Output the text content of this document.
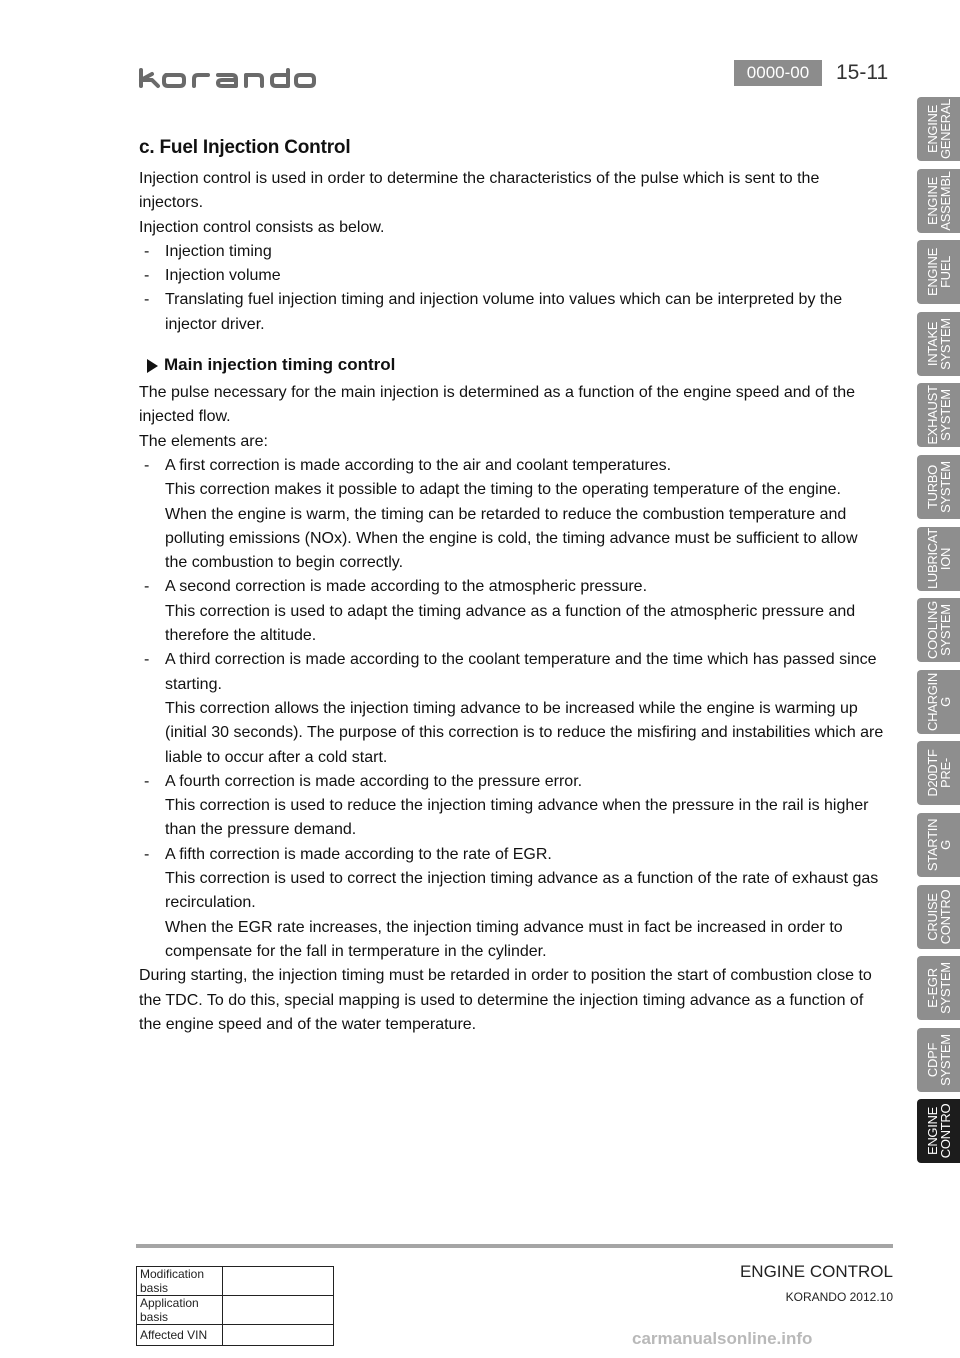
0000-00	15-11
ENGINE
GENERAL
ENGINE
ASSEMBL
ENGINE
FUEL
INTAKE
SYSTEM
EXHAUST
SYSTEM
TURBO
SYSTEM
LUBRICAT
ION
COOLING
SYSTEM
CHARGIN
G
D20DTF
PRE-
STARTIN
G
CRUISE
CONTRO
E-EGR
SYSTEM
CDPF
SYSTEM
ENGINE
CONTRO
c. Fuel Injection Control
Injection control is used in order to determine the characteristics of the pulse which is sent to the
injectors.
Injection control consists as below.
- Injection timing
- Injection volume
- Translating fuel injection timing and injection volume into values which can be interpreted by the
injector driver.
Main injection timing control
The pulse necessary for the main injection is determined as a function of the engine speed and of the
injected flow.
The elements are:
- A first correction is made according to the air and coolant temperatures.
This correction makes it possible to adapt the timing to the operating temperature of the engine.
When the engine is warm, the timing can be retarded to reduce the combustion temperature and
polluting emissions (NOx). When the engine is cold, the timing advance must be sufficient to allow
the combustion to begin correctly.
- A second correction is made according to the atmospheric pressure.
This correction is used to adapt the timing advance as a function of the atmospheric pressure and
therefore the altitude.
- A third correction is made according to the coolant temperature and the time which has passed since
starting.
This correction allows the injection timing advance to be increased while the engine is warming up
(initial 30 seconds). The purpose of this correction is to reduce the misfiring and instabilities which are
liable to occur after a cold start.
- A fourth correction is made according to the pressure error.
This correction is used to reduce the injection timing advance when the pressure in the rail is higher
than the pressure demand.
- A fifth correction is made according to the rate of EGR.
This correction is used to correct the injection timing advance as a function of the rate of exhaust gas
recirculation.
When the EGR rate increases, the injection timing advance must in fact be increased in order to
compensate for the fall in termperature in the cylinder.
During starting, the injection timing must be retarded in order to position the start of combustion close to
the TDC. To do this, special mapping is used to determine the injection timing advance as a function of
the engine speed and of the water temperature.
Modification basis	
Application basis	
Affected VIN	
ENGINE CONTROL
KORANDO 2012.10
carmanualsonline.info
